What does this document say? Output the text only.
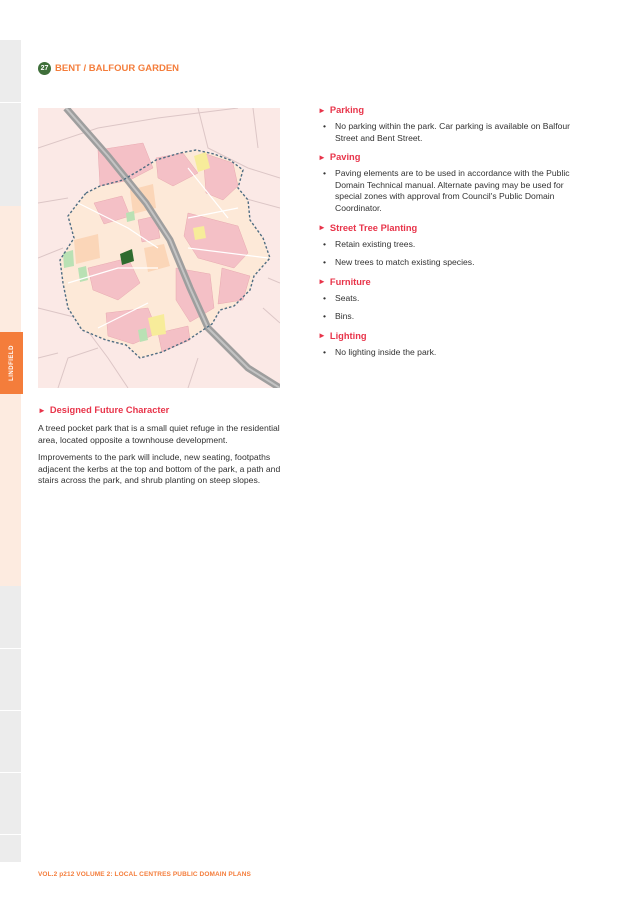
LINDFIELD
27 BENT / BALFOUR GARDEN
► Designed Future Character

A treed pocket park that is a small quiet refuge in the residential area, located opposite a townhouse development.

Improvements to the park will include, new seating, footpaths adjacent the kerbs at the top and bottom of the park, a path and stairs across the park, and shrub planting on steep slopes.

► Parking
• No parking within the park. Car parking is available on Balfour Street and Bent Street.
► Paving
• Paving elements are to be used in accordance with the Public Domain Technical manual. Alternate paving may be used for special zones with approval from Council's Public Domain Coordinator.
► Street Tree Planting
• Retain existing trees.
• New trees to match existing species.
► Furniture
• Seats.
• Bins.
► Lighting
• No lighting inside the park.
VOL.2 p212 VOLUME 2: LOCAL CENTRES PUBLIC DOMAIN PLANS
